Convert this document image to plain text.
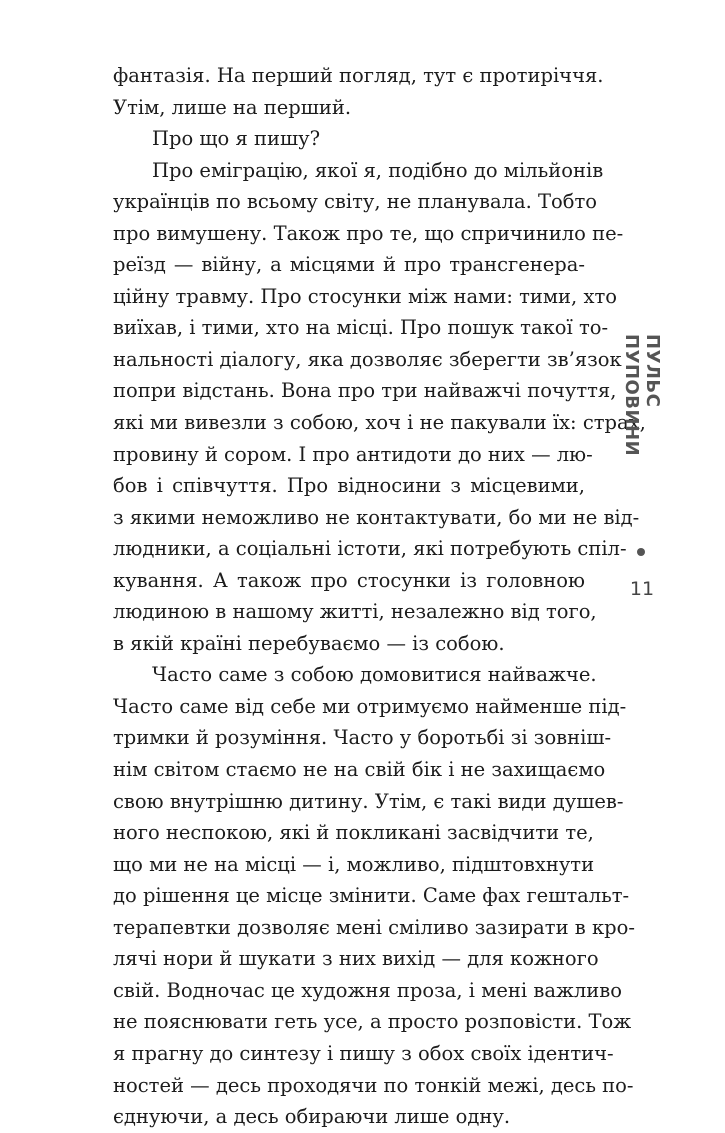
фантазія. На перший погляд, тут є протиріччя.
Утім, лише на перший.
Про що я пишу?
Про еміграцію, якої я, подібно до мільйонів
українців по всьому світу, не планувала. Тобто
про вимушену. Також про те, що спричинило пе-
реїзд — війну, а місцями й про трансгенера-
ційну травму. Про стосунки між нами: тими, хто
виїхав, і тими, хто на місці. Про пошук такої то-
нальності діалогу, яка дозволяє зберегти зв’язок
попри відстань. Вона про три найважчі почуття,
які ми вивезли з собою, хоч і не пакували їх: страх,
провину й сором. І про антидоти до них — лю-
бов і співчуття. Про відносини з місцевими,
з якими неможливо не контактувати, бо ми не від-
людники, а соціальні істоти, які потребують спіл-
кування. А також про стосунки із головною
людиною в нашому житті, незалежно від того,
в якій країні перебуваємо — із собою.
Часто саме з собою домовитися найважче.
Часто саме від себе ми отримуємо найменше під-
тримки й розуміння. Часто у боротьбі зі зовніш-
нім світом стаємо не на свій бік і не захищаємо
свою внутрішню дитину. Утім, є такі види душев-
ного неспокою, які й покликані засвідчити те,
що ми не на місці — і, можливо, підштовхнути
до рішення це місце змінити. Саме фах гештальт-
терапевтки дозволяє мені сміливо зазирати в кро-
лячі нори й шукати з них вихід — для кожного
свій. Водночас це художня проза, і мені важливо
не пояснювати геть усе, а просто розповісти. Тож
я прагну до синтезу і пишу з обох своїх ідентич-
ностей — десь проходячи по тонкій межі, десь по-
єднуючи, а десь обираючи лише одну.
ПУЛЬС ПУПОВИНИ
11
